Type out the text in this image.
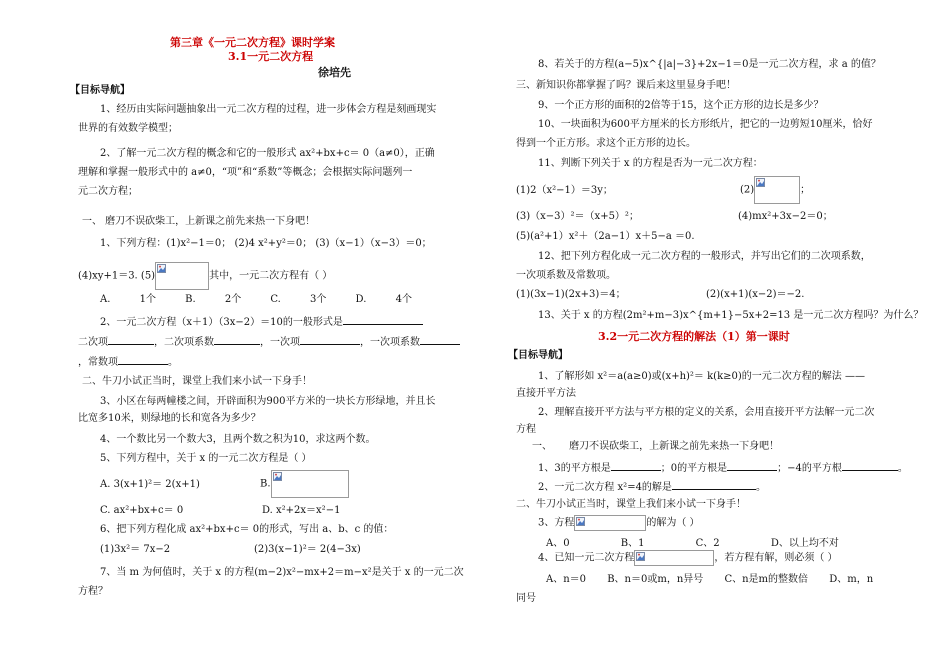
第三章《一元二次方程》课时学案
3.1一元二次方程
徐培先
【目标导航】
1、经历由实际问题抽象出一元二次方程的过程，进一步体会方程是刻画现实
世界的有效数学模型；
2、了解一元二次方程的概念和它的一般形式 ax²+bx+c＝ 0（a≠0），正确
理解和掌握一般形式中的 a≠0，“项”和“系数”等概念；会根据实际问题列一
元二次方程；
一、 磨刀不误砍柴工，上新课之前先来热一下身吧！
1、下列方程：(1)x²−1＝0； (2)4 x²+y²＝0； (3)（x−1）（x−3）＝0；
(4)xy+1＝3. (5)	其中，一元二次方程有（ ）
A. 1个 B. 2个 C. 3个 D. 4个
2、一元二次方程（x＋1）（3x−2）＝10的一般形式是
二次项	，二次项系数	，一次项	，一次项系数
，常数项	。
二、牛刀小试正当时，课堂上我们来小试一下身手！
3、小区在每两幢楼之间，开辟面积为900平方米的一块长方形绿地，并且长
比宽多10米，则绿地的长和宽各为多少？
4、一个数比另一个数大3，且两个数之积为10，求这两个数。
5、下列方程中，关于 x 的一元二次方程是（ ）
A. 3(x+1)²＝ 2(x+1)	B.
C. ax²+bx+c＝ 0	D. x²+2x＝x²−1
6、把下列方程化成 ax²+bx+c＝ 0的形式，写出 a、b、c 的值：
(1)3x²＝ 7x−2	(2)3(x−1)²＝ 2(4−3x)
7、当 m 为何值时，关于 x 的方程(m−2)x²−mx+2＝m−x²是关于 x 的一元二次
方程？
8、若关于的方程(a−5)x^{|a|−3}+2x−1＝0是一元二次方程，求 a 的值？
三、新知识你都掌握了吗？课后来这里显身手吧！
9、一个正方形的面积的2倍等于15，这个正方形的边长是多少？
10、一块面积为600平方厘米的长方形纸片，把它的一边剪短10厘米，恰好
得到一个正方形。求这个正方形的边长。
11、判断下列关于 x 的方程是否为一元二次方程：
(1)2（x²−1）＝3y；	(2)	；
(3)（x−3）²＝（x+5）²；	(4)mx²+3x−2＝0；
(5)(a²+1）x²＋（2a−1）x＋5−a ＝0.
12、把下列方程化成一元二次方程的一般形式，并写出它们的二次项系数，
一次项系数及常数项。
(1)(3x−1)(2x+3)＝4；	(2)(x+1)(x−2)＝−2.
13、关于 x 的方程(2m²+m−3)x^{m+1}−5x+2=13 是一元二次方程吗？为什么？
3.2一元二次方程的解法（1）第一课时
【目标导航】
1、了解形如 x²＝a(a≥0)或(x+h)²＝ k(k≥0)的一元二次方程的解法 ——
直接开平方法
2、理解直接开平方法与平方根的定义的关系，会用直接开平方法解一元二次
方程
一、 磨刀不误砍柴工，上新课之前先来热一下身吧！
1、3的平方根是	；0的平方根是	；−4的平方根	。
2、一元二次方程 x²=4的解是	。
二、牛刀小试正当时，课堂上我们来小试一下身手！
3、方程	的解为（ ）
A、0 B、1 C、2 D、以上均不对
4、已知一元二次方程	，若方程有解，则必须（ ）
A、n＝0 B、n＝0或m，n异号 C、n是m的整数倍 D、m，n
同号
